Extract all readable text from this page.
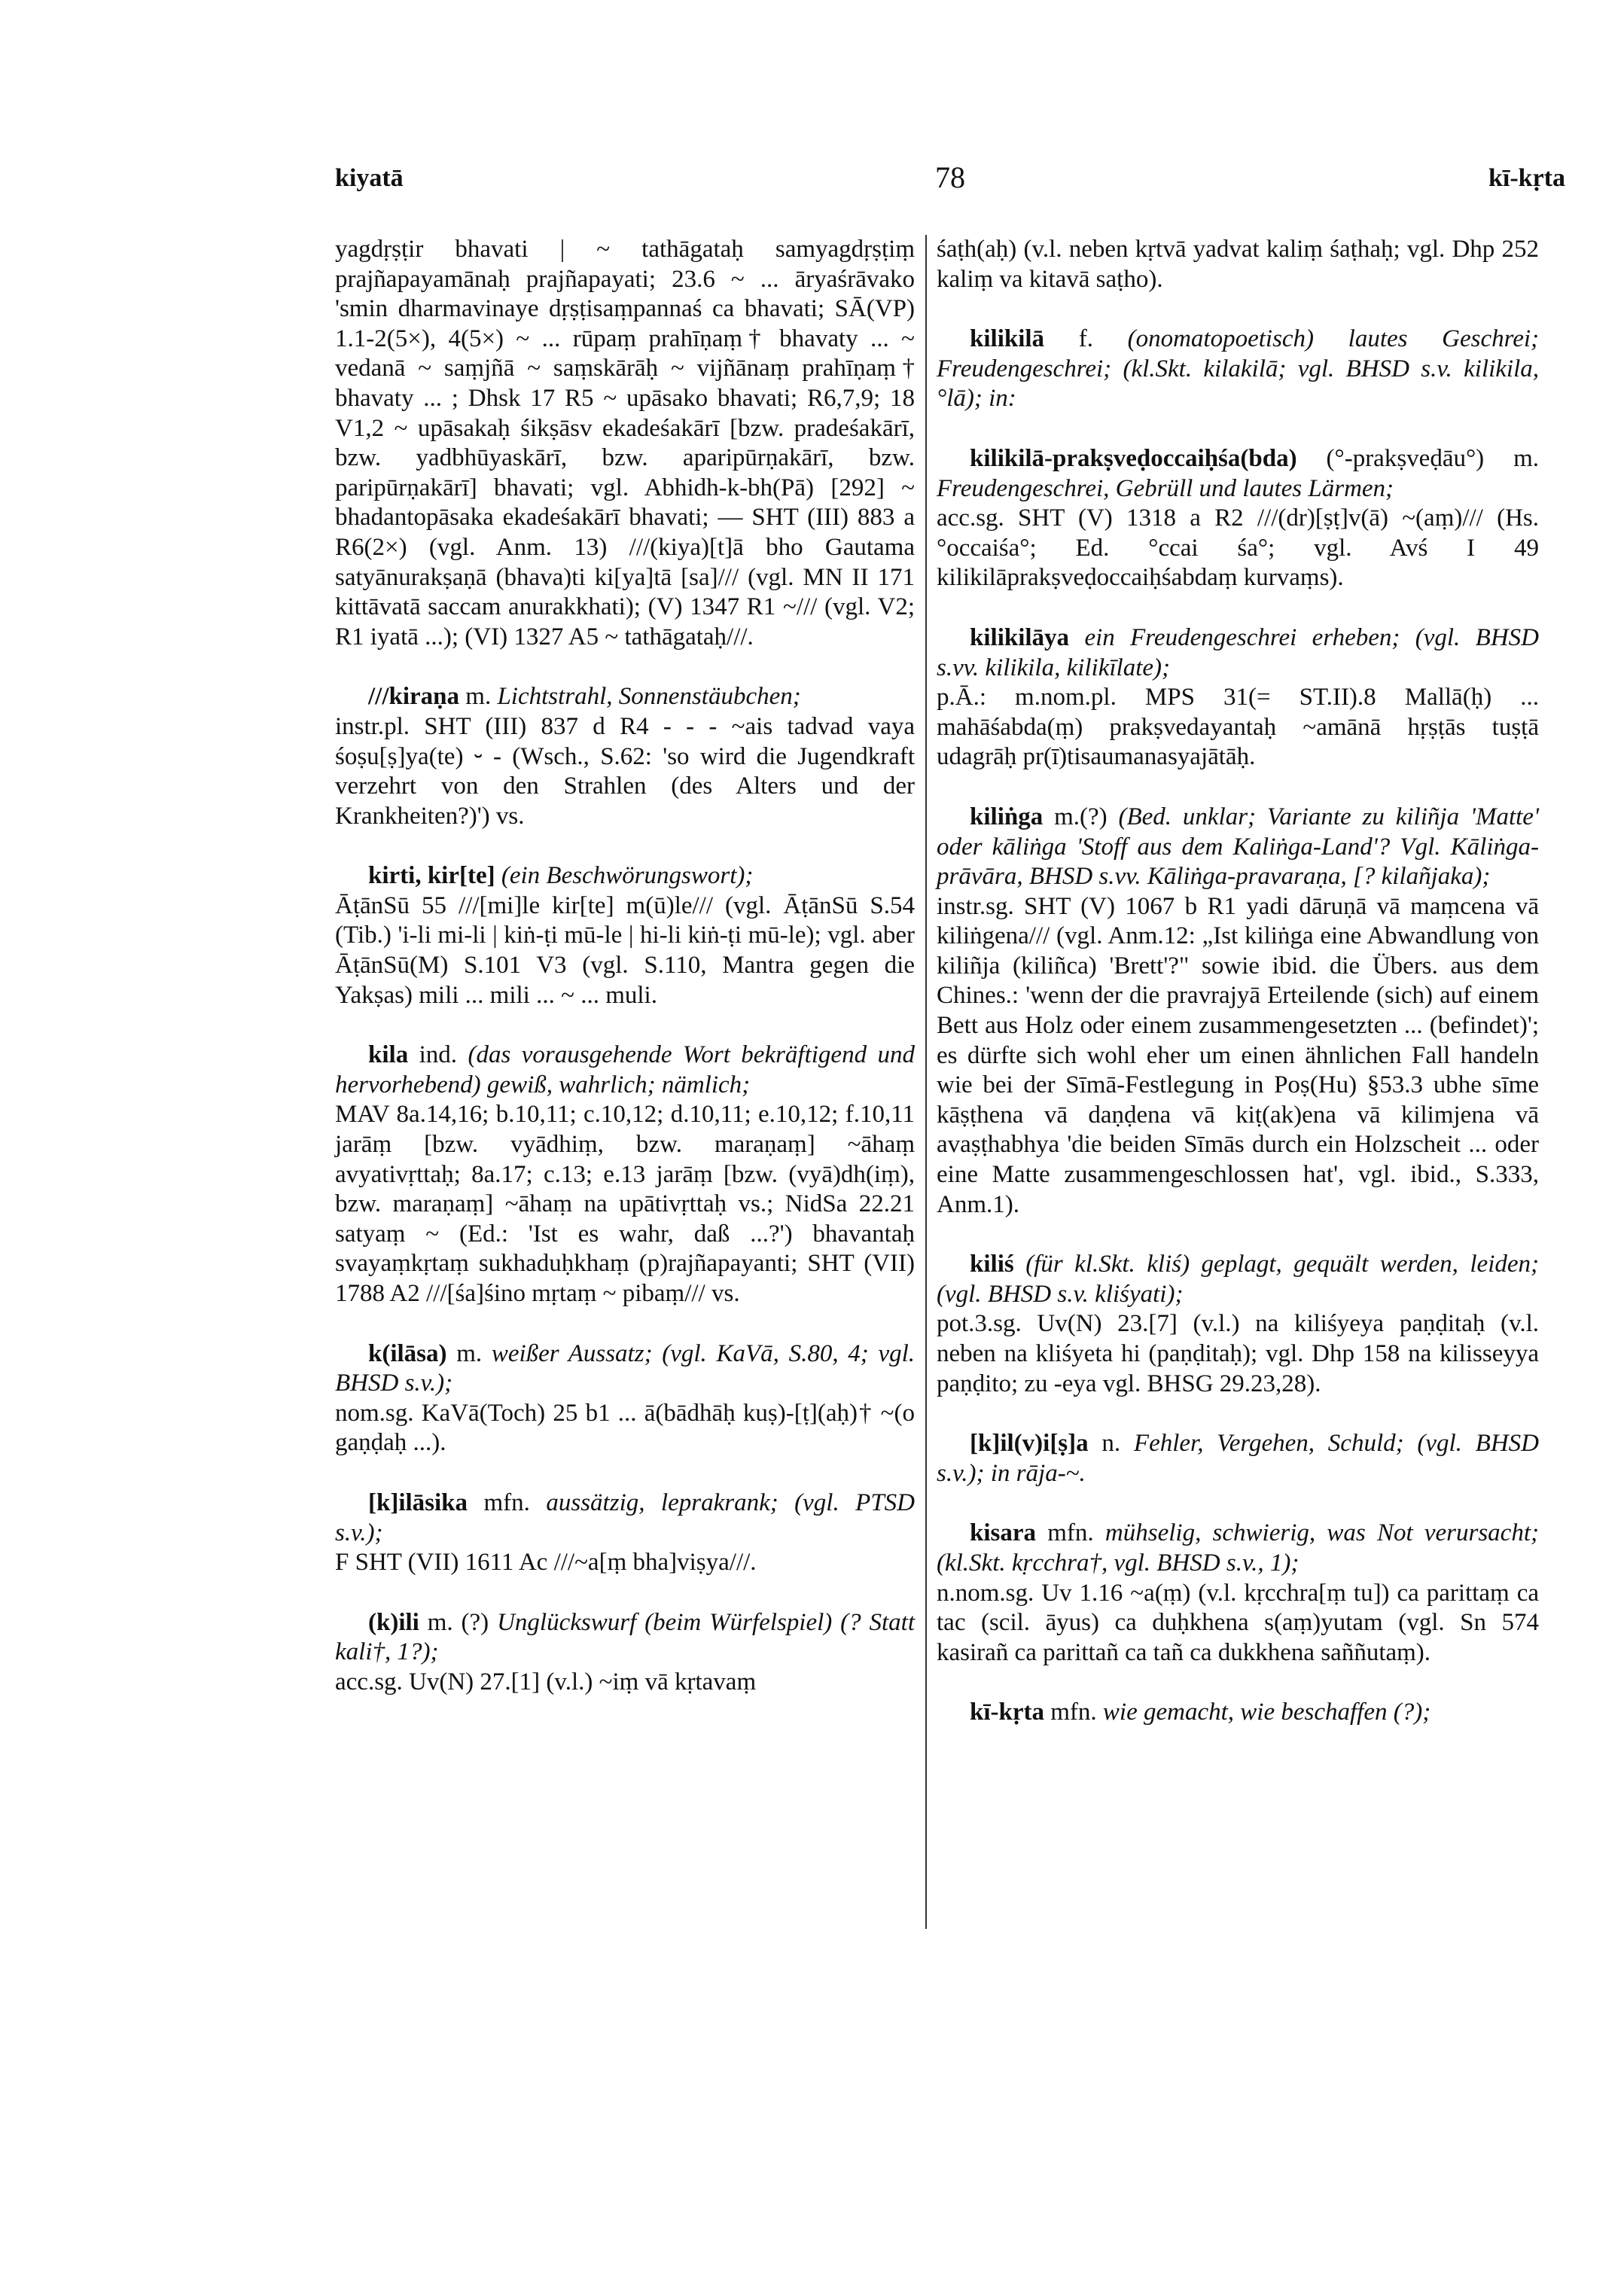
kiyatā	78	kī-kṛta

yagdṛṣṭir bhavati | ~ tathāgataḥ samyagdṛṣṭiṃ prajñapayamānaḥ prajñapayati; 23.6 ~ ... āryaśrāvako 'smin dharmavinaye dṛṣṭisaṃpannaś ca bhavati; SĀ(VP) 1.1-2(5×), 4(5×) ~ ... rūpaṃ prahīṇaṃ† bhavaty ... ~ vedanā ~ saṃjñā ~ saṃskārāḥ ~ vijñānaṃ prahīṇaṃ† bhavaty ... ; Dhsk 17 R5 ~ upāsako bhavati; R6,7,9; 18 V1,2 ~ upāsakaḥ śikṣāsv ekadeśakārī [bzw. pradeśakārī, bzw. yadbhūyaskārī, bzw. aparipūrṇakārī, bzw. paripūrṇakārī] bhavati; vgl. Abhidh-k-bh(Pā) [292] ~ bhadantopāsaka ekadeśakārī bhavati; — SHT (III) 883 a R6(2×) (vgl. Anm. 13) ///(kiya)[t]ā bho Gautama satyānurakṣaṇā (bhava)ti ki[ya]tā [sa]/// (vgl. MN II 171 kittāvatā saccam anurakkhati); (V) 1347 R1 ~/// (vgl. V2; R1 iyatā ...); (VI) 1327 A5 ~ tathāgataḥ///.

///kiraṇa m. Lichtstrahl, Sonnenstäubchen;

instr.pl. SHT (III) 837 d R4 - - - ~ais tadvad vaya śoṣu[ṣ]ya(te) ⏑ - (Wsch., S.62: 'so wird die Jugendkraft verzehrt von den Strahlen (des Alters und der Krankheiten?)') vs.

kirti, kir[te] (ein Beschwörungswort);

ĀṭānSū 55 ///[mi]le kir[te] m(ū)le/// (vgl. ĀṭānSū S.54 (Tib.) 'i-li mi-li | kiṅ-ṭi mū-le | hi-li kiṅ-ṭi mū-le); vgl. aber ĀṭānSū(M) S.101 V3 (vgl. S.110, Mantra gegen die Yakṣas) mili ... mili ... ~ ... muli.

kila ind. (das vorausgehende Wort bekräftigend und hervorhebend) gewiß, wahrlich; nämlich;

MAV 8a.14,16; b.10,11; c.10,12; d.10,11; e.10,12; f.10,11 jarāṃ [bzw. vyādhiṃ, bzw. maraṇaṃ] ~āhaṃ avyativṛttaḥ; 8a.17; c.13; e.13 jarāṃ [bzw. (vyā)dh(iṃ), bzw. maraṇaṃ] ~āhaṃ na upātivṛttaḥ vs.; NidSa 22.21 satyaṃ ~ (Ed.: 'Ist es wahr, daß ...?') bhavantaḥ svayaṃkṛtaṃ sukhaduḥkhaṃ (p)rajñapayanti; SHT (VII) 1788 A2 ///[śa]śino mṛtaṃ ~ pibaṃ/// vs.

k(ilāsa) m. weißer Aussatz; (vgl. KaVā, S.80, 4; vgl. BHSD s.v.);

nom.sg. KaVā(Toch) 25 b1 ... ā(bādhāḥ kuṣ)-[ṭ](aḥ)† ~(o gaṇḍaḥ ...).

[k]ilāsika mfn. aussätzig, leprakrank; (vgl. PTSD s.v.);

F SHT (VII) 1611 Ac ///~a[ṃ bha]viṣya///.

(k)ili m. (?) Unglückswurf (beim Würfelspiel) (? Statt kali†, 1?);

acc.sg. Uv(N) 27.[1] (v.l.) ~iṃ vā kṛtavaṃ

śaṭh(aḥ) (v.l. neben kṛtvā yadvat kaliṃ śaṭhaḥ; vgl. Dhp 252 kaliṃ va kitavā saṭho).

kilikilā f. (onomatopoetisch) lautes Geschrei; Freudengeschrei; (kl.Skt. kilakilā; vgl. BHSD s.v. kilikila, °lā); in:

kilikilā-prakṣveḍoccaiḥśa(bda) (°-prakṣveḍāu°) m. Freudengeschrei, Gebrüll und lautes Lärmen;

acc.sg. SHT (V) 1318 a R2 ///(dr)[ṣṭ]v(ā) ~(aṃ)/// (Hs. °occaiśa°; Ed. °ccai śa°; vgl. Avś I 49 kilikilāprakṣveḍoccaiḥśabdaṃ kurvaṃs).

kilikilāya ein Freudengeschrei erheben; (vgl. BHSD s.vv. kilikila, kilikīlate);

p.Ā.: m.nom.pl. MPS 31(= ST.II).8 Mallā(ḥ) ... mahāśabda(ṃ) prakṣvedayantaḥ ~amānā hṛṣṭās tuṣṭā udagrāḥ pr(ī)tisaumanasyajātāḥ.

kiliṅga m.(?) (Bed. unklar; Variante zu kiliñja 'Matte' oder kāliṅga 'Stoff aus dem Kaliṅga-Land'? Vgl. Kāliṅga-prāvāra, BHSD s.vv. Kāliṅga-pravaraṇa, [? kilañjaka);

instr.sg. SHT (V) 1067 b R1 yadi dāruṇā vā maṃcena vā kiliṅgena/// (vgl. Anm.12: „Ist kiliṅga eine Abwandlung von kiliñja (kiliñca) 'Brett'?" sowie ibid. die Übers. aus dem Chines.: 'wenn der die pravrajyā Erteilende (sich) auf einem Bett aus Holz oder einem zusammengesetzten ... (befindet)'; es dürfte sich wohl eher um einen ähnlichen Fall handeln wie bei der Sīmā-Festlegung in Poṣ(Hu) §53.3 ubhe sīme kāṣṭhena vā daṇḍena vā kiṭ(ak)ena vā kilimjena vā avaṣṭhabhya 'die beiden Sīmās durch ein Holzscheit ... oder eine Matte zusammengeschlossen hat', vgl. ibid., S.333, Anm.1).

kiliś (für kl.Skt. kliś) geplagt, gequält werden, leiden; (vgl. BHSD s.v. kliśyati);

pot.3.sg. Uv(N) 23.[7] (v.l.) na kiliśyeya paṇḍitaḥ (v.l. neben na kliśyeta hi (paṇḍitaḥ); vgl. Dhp 158 na kilisseyya paṇḍito; zu -eya vgl. BHSG 29.23,28).

[k]il(v)i[ṣ]a n. Fehler, Vergehen, Schuld; (vgl. BHSD s.v.); in rāja-~.

kisara mfn. mühselig, schwierig, was Not verursacht; (kl.Skt. kṛcchra†, vgl. BHSD s.v., 1);

n.nom.sg. Uv 1.16 ~a(ṃ) (v.l. kṛcchra[ṃ tu]) ca parittaṃ ca tac (scil. āyus) ca duḥkhena s(aṃ)yutam (vgl. Sn 574 kasirañ ca parittañ ca tañ ca dukkhena saññutaṃ).

kī-kṛta mfn. wie gemacht, wie beschaffen (?);
